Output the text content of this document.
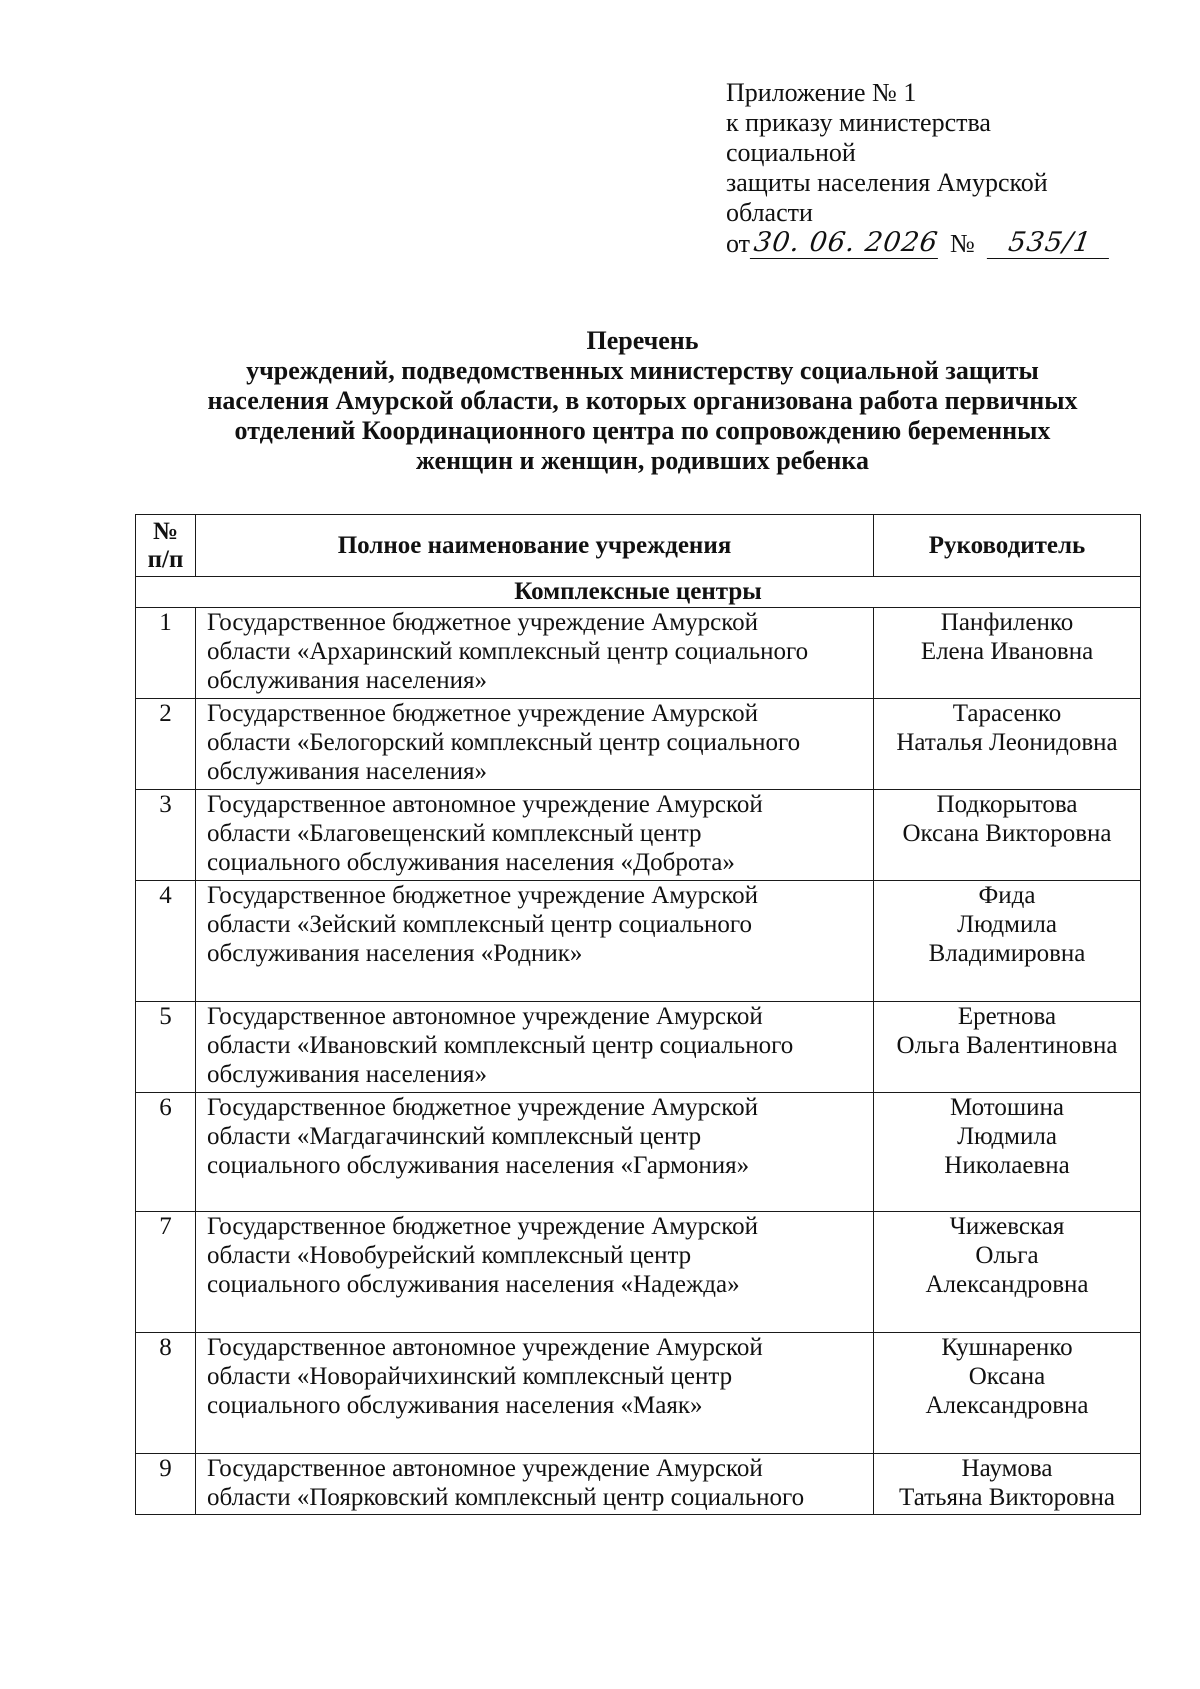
Приложение № 1
к приказу министерства
социальной
защиты населения Амурской
области
от 30. 06. 2026 №	535/1
Перечень
учреждений, подведомственных министерству социальной защиты
населения Амурской области, в которых организована работа первичных
отделений Координационного центра по сопровождению беременных
женщин и женщин, родивших ребенка
№
п/п	Полное наименование учреждения	Руководитель
Комплексные центры		
1	Государственное бюджетное учреждение Амурской
области «Архаринский комплексный центр социального
обслуживания населения»	Панфиленко
Елена Ивановна
2	Государственное бюджетное учреждение Амурской
области «Белогорский комплексный центр социального
обслуживания населения»	Тарасенко
Наталья Леонидовна
3	Государственное автономное учреждение Амурской
области «Благовещенский комплексный центр
социального обслуживания населения «Доброта»	Подкорытова
Оксана Викторовна
4	Государственное бюджетное учреждение Амурской
области «Зейский комплексный центр социального
обслуживания населения «Родник»	Фида
Людмила
Владимировна
5	Государственное автономное учреждение Амурской
области «Ивановский комплексный центр социального
обслуживания населения»	Еретнова
Ольга Валентиновна
6	Государственное бюджетное учреждение Амурской
области «Магдагачинский комплексный центр
социального обслуживания населения «Гармония»	Мотошина
Людмила
Николаевна
7	Государственное бюджетное учреждение Амурской
области «Новобурейский комплексный центр
социального обслуживания населения «Надежда»	Чижевская
Ольга
Александровна
8	Государственное автономное учреждение Амурской
области «Новорайчихинский комплексный центр
социального обслуживания населения «Маяк»	Кушнаренко
Оксана
Александровна
9	Государственное автономное учреждение Амурской
области «Поярковский комплексный центр социального	Наумова
Татьяна Викторовна
